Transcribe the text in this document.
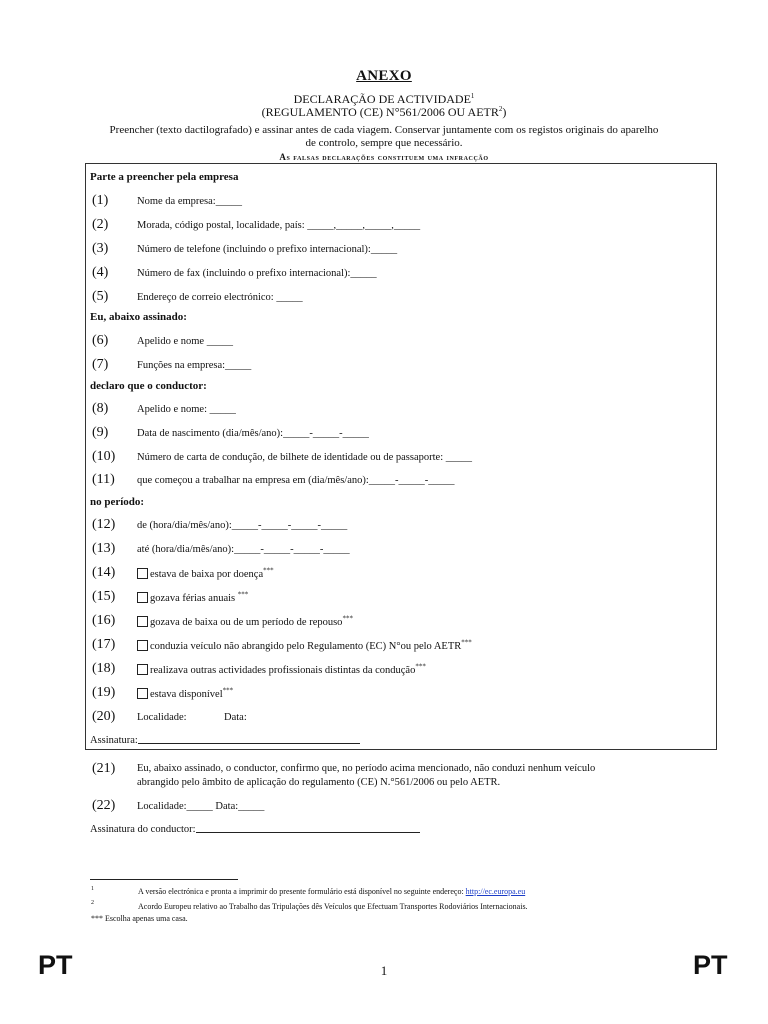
ANEXO
DECLARAÇÃO DE ACTIVIDADE$^1$
(REGULAMENTO (CE) N°561/2006 OU AETR$^2$)
Preencher (texto dactilografado) e assinar antes de cada viagem. Conservar juntamente com os registos originais do aparelho
de controlo, sempre que necessário.
As falsas declarações constituem uma infracção
Parte a preencher pela empresa
(1)	Nome da empresa:_____
(2)	Morada, código postal, localidade, país: _____,_____,_____,_____
(3)	Número de telefone (incluindo o prefixo internacional):_____
(4)	Número de fax (incluindo o prefixo internacional):_____
(5)	Endereço de correio electrónico: _____
Eu, abaixo assinado:
(6)	Apelido e nome _____
(7)	Funções na empresa:_____
declaro que o conductor:
(8)	Apelido e nome: _____
(9)	Data de nascimento (dia/mês/ano):_____-_____-_____
(10) Número de carta de condução, de bilhete de identidade ou de passaporte: _____
(11) que começou a trabalhar na empresa em (dia/mês/ano):_____-_____-_____
no período:
(12) de (hora/dia/mês/ano):_____-_____-_____-_____
(13) até (hora/dia/mês/ano):_____-_____-_____-_____
(14)	estava de baixa por doença***
(15)	gozava férias anuais ***
(16)	gozava de baixa ou de um período de repouso***
(17)	conduzia veículo não abrangido pelo Regulamento (EC) N°ou pelo AETR***
(18)	realizava outras actividades profissionais distintas da condução***
(19)	estava disponível***
(20) Localidade:	Data:
Assinatura:
(21) Eu, abaixo assinado, o conductor, confirmo que, no período acima mencionado, não conduzi nenhum veículo
abrangido pelo âmbito de aplicação do regulamento (CE) N.°561/2006 ou pelo AETR.
(22) Localidade:_____ Data:_____
Assinatura do conductor:
1	A versão electrónica e pronta a imprimir do presente formulário está disponível no seguinte endereço: http://ec.europa.eu
2	Acordo Europeu relativo ao Trabalho das Tripulações dês Veículos que Efectuam Transportes Rodoviários Internacionais.
*** Escolha apenas uma casa.
PT	1	PT
